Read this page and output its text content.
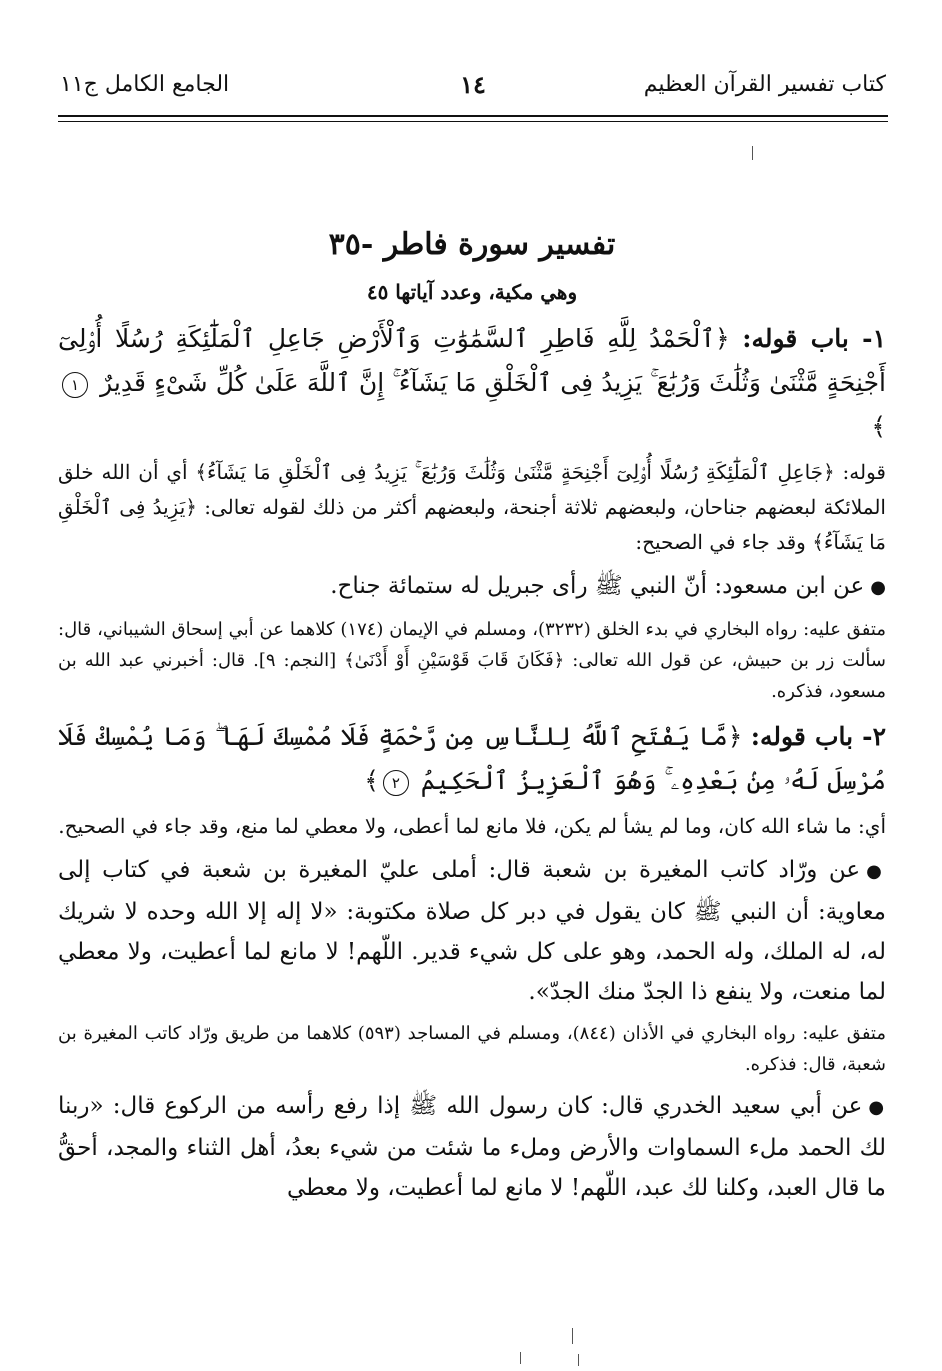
كتاب تفسير القرآن العظيم
١٤
الجامع الكامل ج١١
تفسير سورة فاطر -٣٥
وهي مكية، وعدد آياتها ٤٥
١- باب قوله: ﴿ٱلْحَمْدُ لِلَّهِ فَاطِرِ ٱلسَّمَٰوَٰتِ وَٱلْأَرْضِ جَاعِلِ ٱلْمَلَٰٓئِكَةِ رُسُلًا أُو۟لِىٓ أَجْنِحَةٍ مَّثْنَىٰ وَثُلَٰثَ وَرُبَٰعَ ۚ يَزِيدُ فِى ٱلْخَلْقِ مَا يَشَآءُ ۚ إِنَّ ٱللَّهَ عَلَىٰ كُلِّ شَىْءٍ قَدِيرٌ ١﴾

قوله: ﴿جَاعِلِ ٱلْمَلَٰٓئِكَةِ رُسُلًا أُو۟لِىٓ أَجْنِحَةٍ مَّثْنَىٰ وَثُلَٰثَ وَرُبَٰعَ ۚ يَزِيدُ فِى ٱلْخَلْقِ مَا يَشَآءُ﴾ أي أن الله خلق الملائكة لبعضهم جناحان، ولبعضهم ثلاثة أجنحة، ولبعضهم أكثر من ذلك لقوله تعالى: ﴿يَزِيدُ فِى ٱلْخَلْقِ مَا يَشَآءُ﴾ وقد جاء في الصحيح:

●عن ابن مسعود: أنّ النبي ﷺ رأى جبريل له ستمائة جناح.

متفق عليه: رواه البخاري في بدء الخلق (٣٢٣٢)، ومسلم في الإيمان (١٧٤) كلاهما عن أبي إسحاق الشيباني، قال: سألت زر بن حبيش، عن قول الله تعالى: ﴿فَكَانَ قَابَ قَوْسَيْنِ أَوْ أَدْنَىٰ﴾ [النجم: ٩]. قال: أخبرني عبد الله بن مسعود، فذكره.

٢- باب قوله: ﴿مَّا يَفْتَحِ ٱللَّهُ لِلنَّاسِ مِن رَّحْمَةٍ فَلَا مُمْسِكَ لَهَا ۖ وَمَا يُمْسِكْ فَلَا مُرْسِلَ لَهُۥ مِنۢ بَعْدِهِۦ ۚ وَهُوَ ٱلْعَزِيزُ ٱلْحَكِيمُ ٢﴾

أي: ما شاء الله كان، وما لم يشأ لم يكن، فلا مانع لما أعطى، ولا معطي لما منع، وقد جاء في الصحيح.

●عن ورّاد كاتب المغيرة بن شعبة قال: أملى عليّ المغيرة بن شعبة في كتاب إلى معاوية: أن النبي ﷺ كان يقول في دبر كل صلاة مكتوبة: «لا إله إلا الله وحده لا شريك له، له الملك، وله الحمد، وهو على كل شيء قدير. اللّهم! لا مانع لما أعطيت، ولا معطي لما منعت، ولا ينفع ذا الجدّ منك الجدّ».

متفق عليه: رواه البخاري في الأذان (٨٤٤)، ومسلم في المساجد (٥٩٣) كلاهما من طريق ورّاد كاتب المغيرة بن شعبة، قال: فذكره.

●عن أبي سعيد الخدري قال: كان رسول الله ﷺ إذا رفع رأسه من الركوع قال: «ربنا لك الحمد ملء السماوات والأرض وملء ما شئت من شيء بعدُ، أهل الثناء والمجد، أحقُّ ما قال العبد، وكلنا لك عبد، اللّهم! لا مانع لما أعطيت، ولا معطي
